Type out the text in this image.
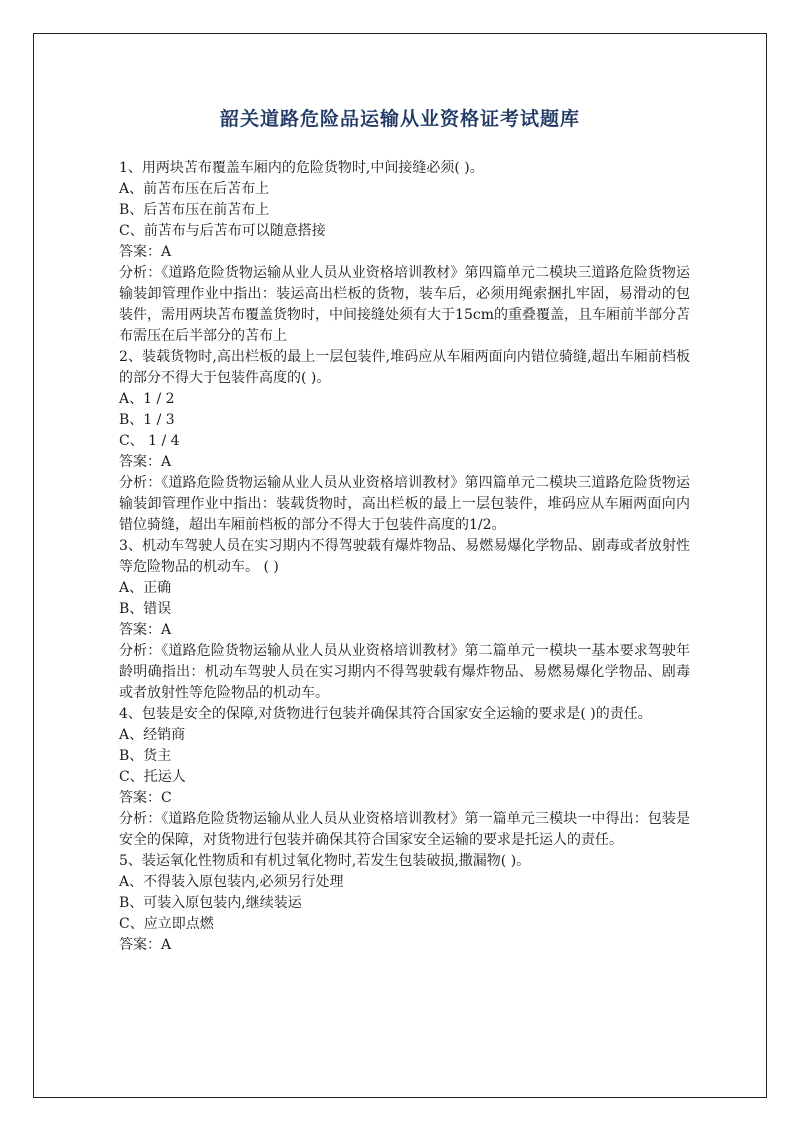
韶关道路危险品运输从业资格证考试题库

1、用两块苫布覆盖车厢内的危险货物时,中间接缝必须( )。

A、前苫布压在后苫布上

B、后苫布压在前苫布上

C、前苫布与后苫布可以随意搭接

答案：A

分析：《道路危险货物运输从业人员从业资格培训教材》第四篇单元二模块三道路危险货物运输装卸管理作业中指出：装运高出栏板的货物，装车后，必须用绳索捆扎牢固，易滑动的包装件，需用两块苫布覆盖货物时，中间接缝处须有大于15cm的重叠覆盖，且车厢前半部分苫布需压在后半部分的苫布上

2、装载货物时,高出栏板的最上一层包装件,堆码应从车厢两面向内错位骑缝,超出车厢前档板的部分不得大于包装件高度的( )。

A、1 / 2

B、1 / 3

C、 1 / 4

答案：A

分析：《道路危险货物运输从业人员从业资格培训教材》第四篇单元二模块三道路危险货物运输装卸管理作业中指出：装载货物时，高出栏板的最上一层包装件，堆码应从车厢两面向内错位骑缝，超出车厢前档板的部分不得大于包装件高度的1/2。

3、机动车驾驶人员在实习期内不得驾驶载有爆炸物品、易燃易爆化学物品、剧毒或者放射性等危险物品的机动车。 ( )

A、正确

B、错误

答案：A

分析：《道路危险货物运输从业人员从业资格培训教材》第二篇单元一模块一基本要求驾驶年龄明确指出：机动车驾驶人员在实习期内不得驾驶载有爆炸物品、易燃易爆化学物品、剧毒或者放射性等危险物品的机动车。

4、包装是安全的保障,对货物进行包装并确保其符合国家安全运输的要求是( )的责任。

A、经销商

B、货主

C、托运人

答案：C

分析：《道路危险货物运输从业人员从业资格培训教材》第一篇单元三模块一中得出：包装是安全的保障，对货物进行包装并确保其符合国家安全运输的要求是托运人的责任。

5、装运氧化性物质和有机过氧化物时,若发生包装破损,撒漏物( )。

A、不得装入原包装内,必须另行处理

B、可装入原包装内,继续装运

C、应立即点燃

答案：A
